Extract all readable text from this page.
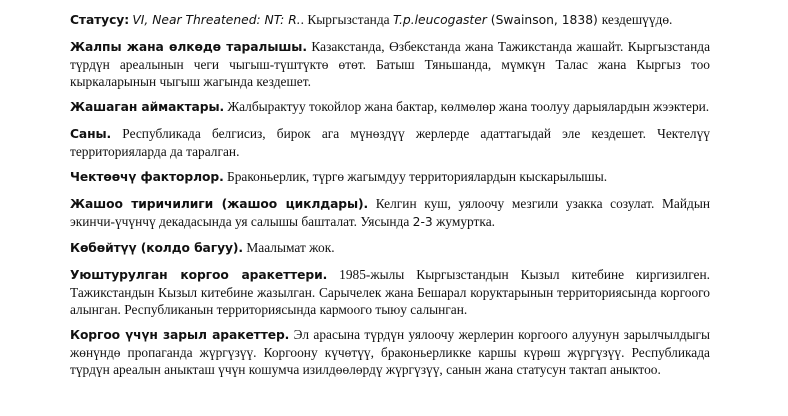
Статусу: VI, Near Threatened: NT: R.. Кыргызстанда T.p.leucogaster (Swainson, 1838) кездешүүдө.

Жалпы жана өлкөдө таралышы. Казакстанда, Өзбекстанда жана Тажикстанда жашайт. Кыргызстанда түрдүн ареалынын чеги чыгыш-түштүктө өтөт. Батыш Тяньшанда, мүмкүн Талас жана Кыргыз тоо кыркаларынын чыгыш жагында кездешет.

Жашаган аймактары. Жалбырактуу токойлор жана бактар, көлмөлөр жана тоолуу дарыялардын жээктери.

Саны. Республикада белгисиз, бирок ага мүнөздүү жерлерде адаттагыдай эле кездешет. Чектелүү территорияларда да таралган.

Чектөөчү факторлор. Браконьерлик, түргө жагымдуу территориялардын кыскарылышы.

Жашоо тиричилиги (жашоо циклдары). Келгин куш, уялоочу мезгили узакка созулат. Майдын экинчи-үчүнчү декадасында уя салышы башталат. Уясында 2-3 жумуртка.

Көбөйтүү (колдо багуу). Маалымат жок.

Уюштурулган коргоо аракеттери. 1985-жылы Кыргызстандын Кызыл китебине киргизилген. Тажикстандын Кызыл китебине жазылган. Сарычелек жана Бешарал коруктарынын территориясында коргоого алынган. Республиканын территориясында кармоого тыюу салынган.

Коргоо үчүн зарыл аракеттер. Эл арасына түрдүн уялоочу жерлерин коргоого алуунун зарылчылдыгы жөнүндө пропаганда жүргүзүү. Коргоону күчөтүү, браконьерликке каршы күрөш жүргүзүү. Республикада түрдүн ареалын аныкташ үчүн кошумча изилдөөлөрдү жүргүзүү, санын жана статусун тактап аныктоо.
